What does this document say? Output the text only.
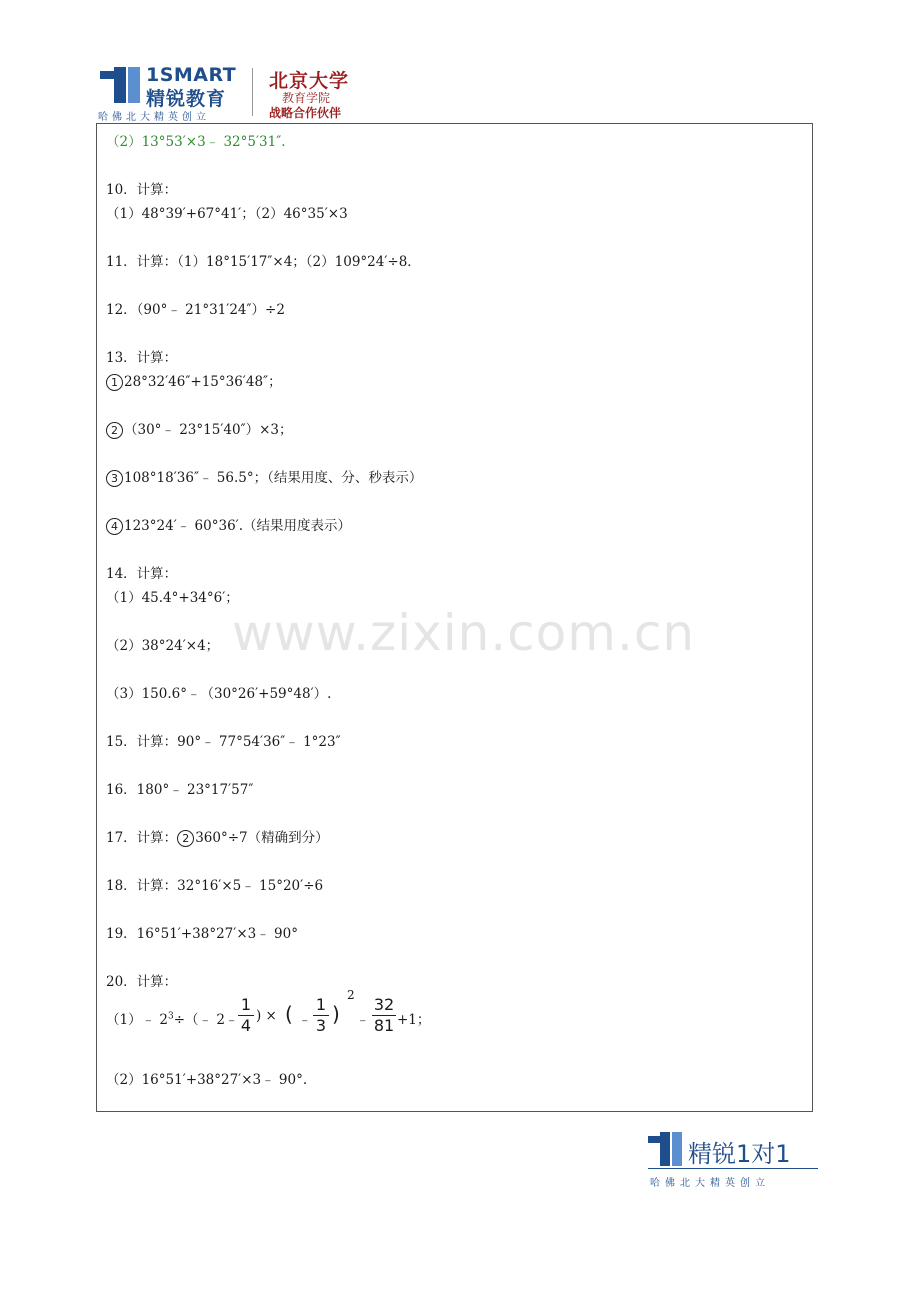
1SMART
精锐教育
哈佛北大精英创立
北京大学
教育学院
战略合作伙伴
（2）13°53′×3﹣ 32°5′31″.
10．计算：
（1）48°39′+67°41′；（2）46°35′×3
11．计算：（1）18°15′17″×4；（2）109°24′÷8．
12．（90°﹣ 21°31′24″）÷2
13．计算：
1 28°32′46″+15°36′48″；
2 （30°﹣ 23°15′40″）×3；
3 108°18′36″﹣ 56.5°；（结果用度、分、秒表示）
4 123°24′﹣ 60°36′.（结果用度表示）
14．计算：
（1）45.4°+34°6′；
（2）38°24′×4；
（3）150.6°﹣（30°26′+59°48′）.
15．计算：90°﹣ 77°54′36″﹣ 1°23″
16．180°﹣ 23°17′57″
17．计算： 2 360°÷7（精确到分）
18．计算：32°16′×5﹣ 15°20′÷6
19．16°51′+38°27′×3﹣ 90°
20．计算：
（1）﹣ $2^3\div(﹣$ 2﹣
1
4 ) × ( ﹣
1
3 )
2
﹣
32
81 +1；
（2）16°51′+38°27′×3﹣ 90°.
www.zixin.com.cn
精锐1对1
哈佛北大精英创立
